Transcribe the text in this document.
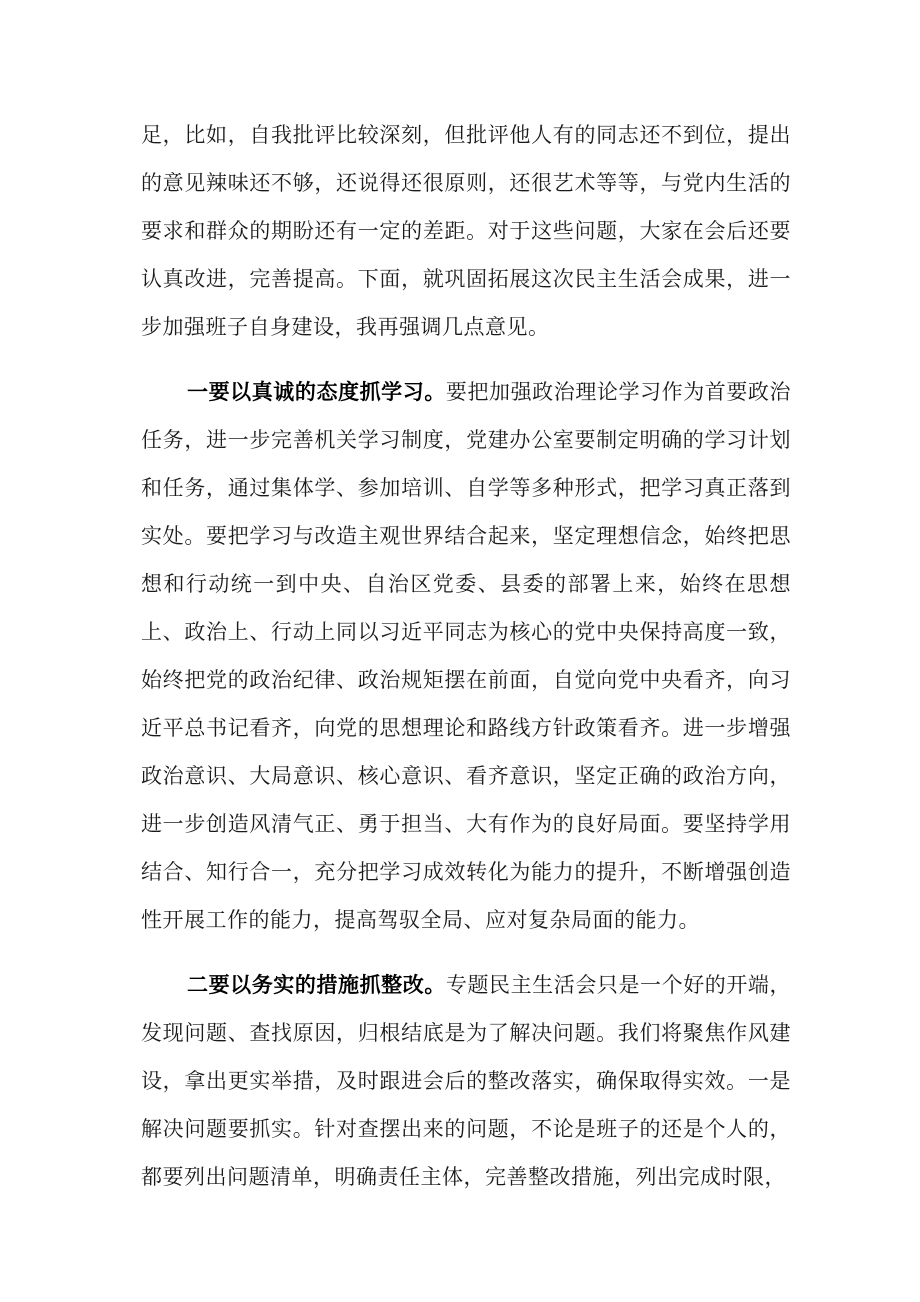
足，比如，自我批评比较深刻，但批评他人有的同志还不到位，提出的意见辣味还不够，还说得还很原则，还很艺术等等，与党内生活的要求和群众的期盼还有一定的差距。对于这些问题，大家在会后还要认真改进，完善提高。下面，就巩固拓展这次民主生活会成果，进一步加强班子自身建设，我再强调几点意见。

一要以真诚的态度抓学习。要把加强政治理论学习作为首要政治任务，进一步完善机关学习制度，党建办公室要制定明确的学习计划和任务，通过集体学、参加培训、自学等多种形式，把学习真正落到实处。要把学习与改造主观世界结合起来，坚定理想信念，始终把思想和行动统一到中央、自治区党委、县委的部署上来，始终在思想上、政治上、行动上同以习近平同志为核心的党中央保持高度一致，始终把党的政治纪律、政治规矩摆在前面，自觉向党中央看齐，向习近平总书记看齐，向党的思想理论和路线方针政策看齐。进一步增强政治意识、大局意识、核心意识、看齐意识，坚定正确的政治方向，进一步创造风清气正、勇于担当、大有作为的良好局面。要坚持学用结合、知行合一，充分把学习成效转化为能力的提升，不断增强创造性开展工作的能力，提高驾驭全局、应对复杂局面的能力。

二要以务实的措施抓整改。专题民主生活会只是一个好的开端，发现问题、查找原因，归根结底是为了解决问题。我们将聚焦作风建设，拿出更实举措，及时跟进会后的整改落实，确保取得实效。一是解决问题要抓实。针对查摆出来的问题，不论是班子的还是个人的，都要列出问题清单，明确责任主体，完善整改措施，列出完成时限，
